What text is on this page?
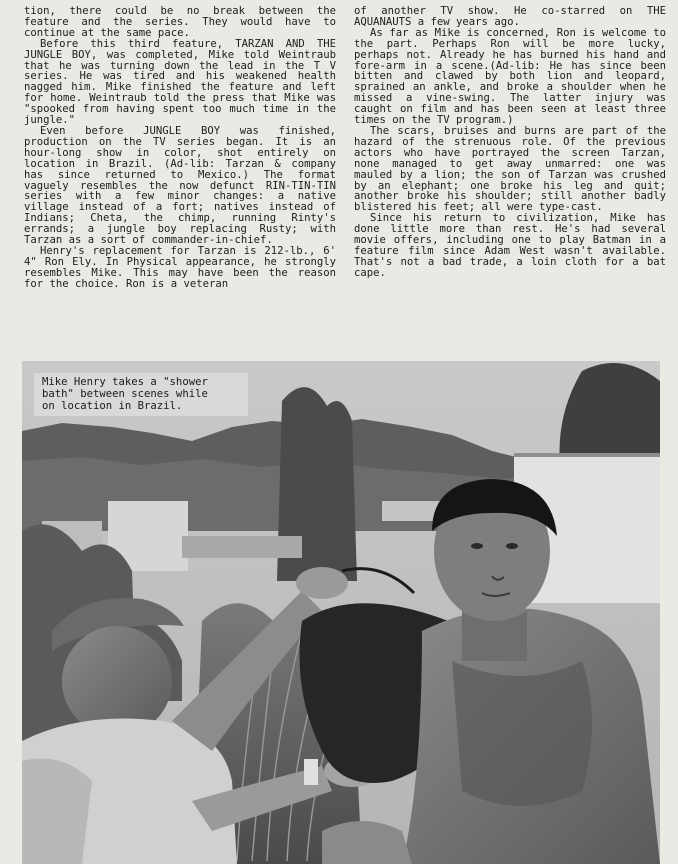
tion, there could be no break between the feature and the series. They would have to continue at the same pace.

Before this third feature, TARZAN AND THE JUNGLE BOY, was completed, Mike told Weintraub that he was turning down the lead in the T V series. He was tired and his weakened health nagged him. Mike finished the feature and left for home. Weintraub told the press that Mike was "spooked from having spent too much time in the jungle."

Even before JUNGLE BOY was finished, production on the TV series began. It is an hour-long show in color, shot entirely on location in Brazil. (Ad-lib: Tarzan & company has since returned to Mexico.) The format vaguely resembles the now defunct RIN-TIN-TIN series with a few minor changes: a native village instead of a fort; natives instead of Indians; Cheta, the chimp, running Rinty's errands; a jungle boy replacing Rusty; with Tarzan as a sort of commander-in-chief.

Henry's replacement for Tarzan is 212-lb., 6' 4" Ron Ely. In Physical appearance, he strongly resembles Mike. This may have been the reason for the choice. Ron is a veteran

of another TV show. He co-starred on THE AQUANAUTS a few years ago.

As far as Mike is concerned, Ron is welcome to the part. Perhaps Ron will be more lucky, perhaps not. Already he has burned his hand and fore-arm in a scene.(Ad-lib: He has since been bitten and clawed by both lion and leopard, sprained an ankle, and broke a shoulder when he missed a vine-swing. The latter injury was caught on film and has been seen at least three times on the TV program.)

The scars, bruises and burns are part of the hazard of the strenuous role. Of the previous actors who have portrayed the screen Tarzan, none managed to get away unmarred: one was mauled by a lion; the son of Tarzan was crushed by an elephant; one broke his leg and quit; another broke his shoulder; still another badly blistered his feet; all were type-cast.

Since his return to civilization, Mike has done little more than rest. He's had several movie offers, including one to play Batman in a feature film since Adam West wasn't available. That's not a bad trade, a loin cloth for a bat cape.

Mike Henry takes a "shower
bath" between scenes while
on location in Brazil.
